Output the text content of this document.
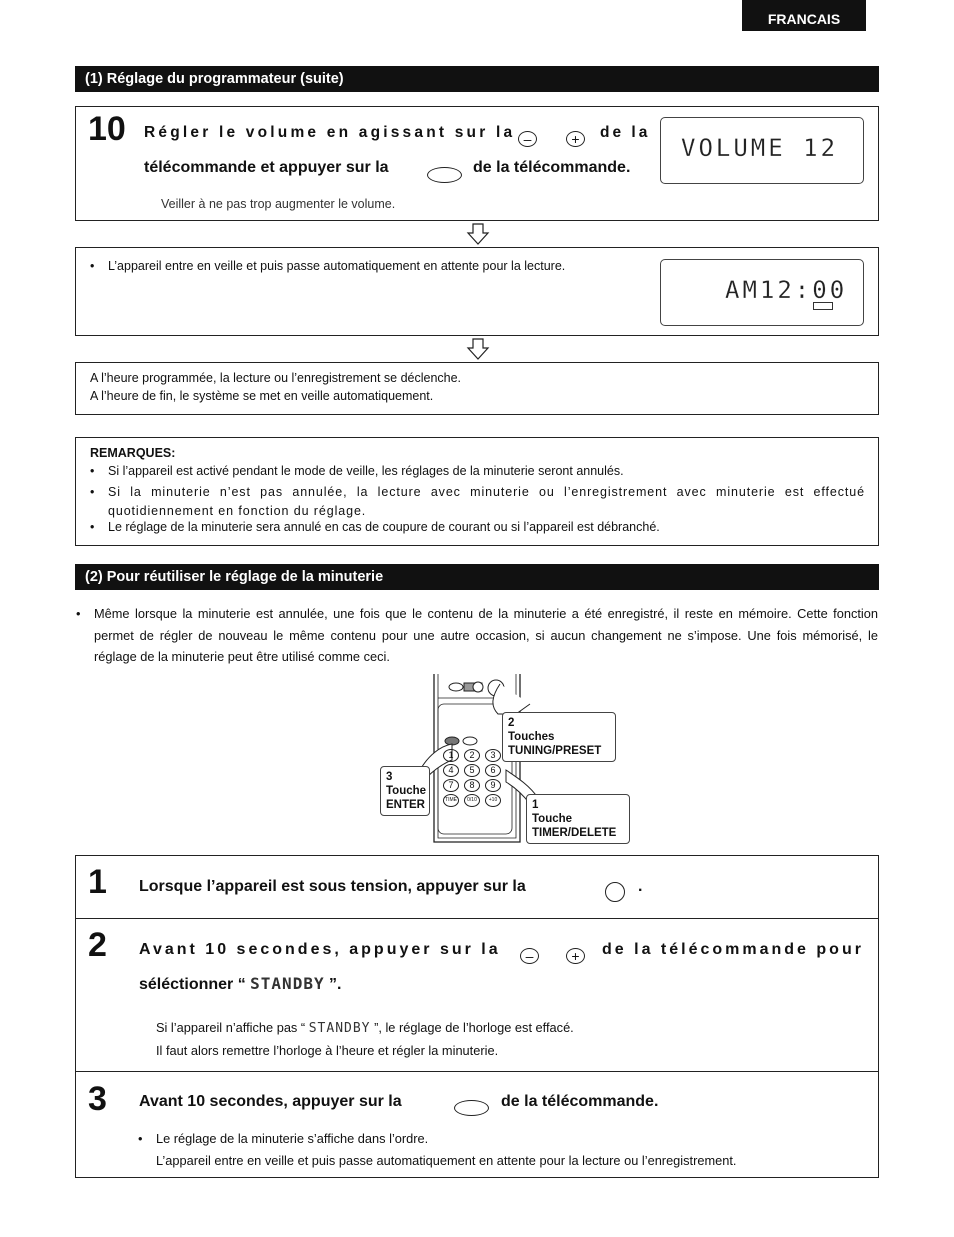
FRANCAIS
(1) Réglage du programmateur (suite)
10 Régler le volume en agissant sur la –	+	de la
télécommande et appuyer sur la	de la télécommande.
Veiller à ne pas trop augmenter le volume.
VOLUME 12
• L’appareil entre en veille et puis passe automatiquement en attente pour la lecture.
AM12:00
A l’heure programmée, la lecture ou l’enregistrement se déclenche.
A l’heure de fin, le système se met en veille automatiquement.
REMARQUES:
• Si l’appareil est activé pendant le mode de veille, les réglages de la minuterie seront annulés.
• Si la minuterie n’est pas annulée, la lecture avec minuterie ou l’enregistrement avec minuterie est effectué quotidiennement en fonction du réglage.
• Le réglage de la minuterie sera annulé en cas de coupure de courant ou si l’appareil est débranché.
(2) Pour réutiliser le réglage de la minuterie
• Même lorsque la minuterie est annulée, une fois que le contenu de la minuterie a été enregistré, il reste en mémoire. Cette fonction permet de régler de nouveau le même contenu pour une autre occasion, si aucun changement ne s’impose. Une fois mémorisé, le réglage de la minuterie peut être utilisé comme ceci.
1	2	3
4	5	6
7	8	9
TIME	0/10	+10
2
Touches
TUNING/PRESET
3
Touche
ENTER	1
Touche
TIMER/DELETE
1 Lorsque l’appareil est sous tension, appuyer sur la	.
2 Avant 10 secondes, appuyer sur la	–	+	de la télécommande pour
séléctionner “ STANDBY ”.
Si l’appareil n’affiche pas “ STANDBY ”, le réglage de l’horloge est effacé.
Il faut alors remettre l’horloge à l’heure et régler la minuterie.
3 Avant 10 secondes, appuyer sur la	de la télécommande.
• Le réglage de la minuterie s’affiche dans l’ordre.
L’appareil entre en veille et puis passe automatiquement en attente pour la lecture ou l’enregistrement.
